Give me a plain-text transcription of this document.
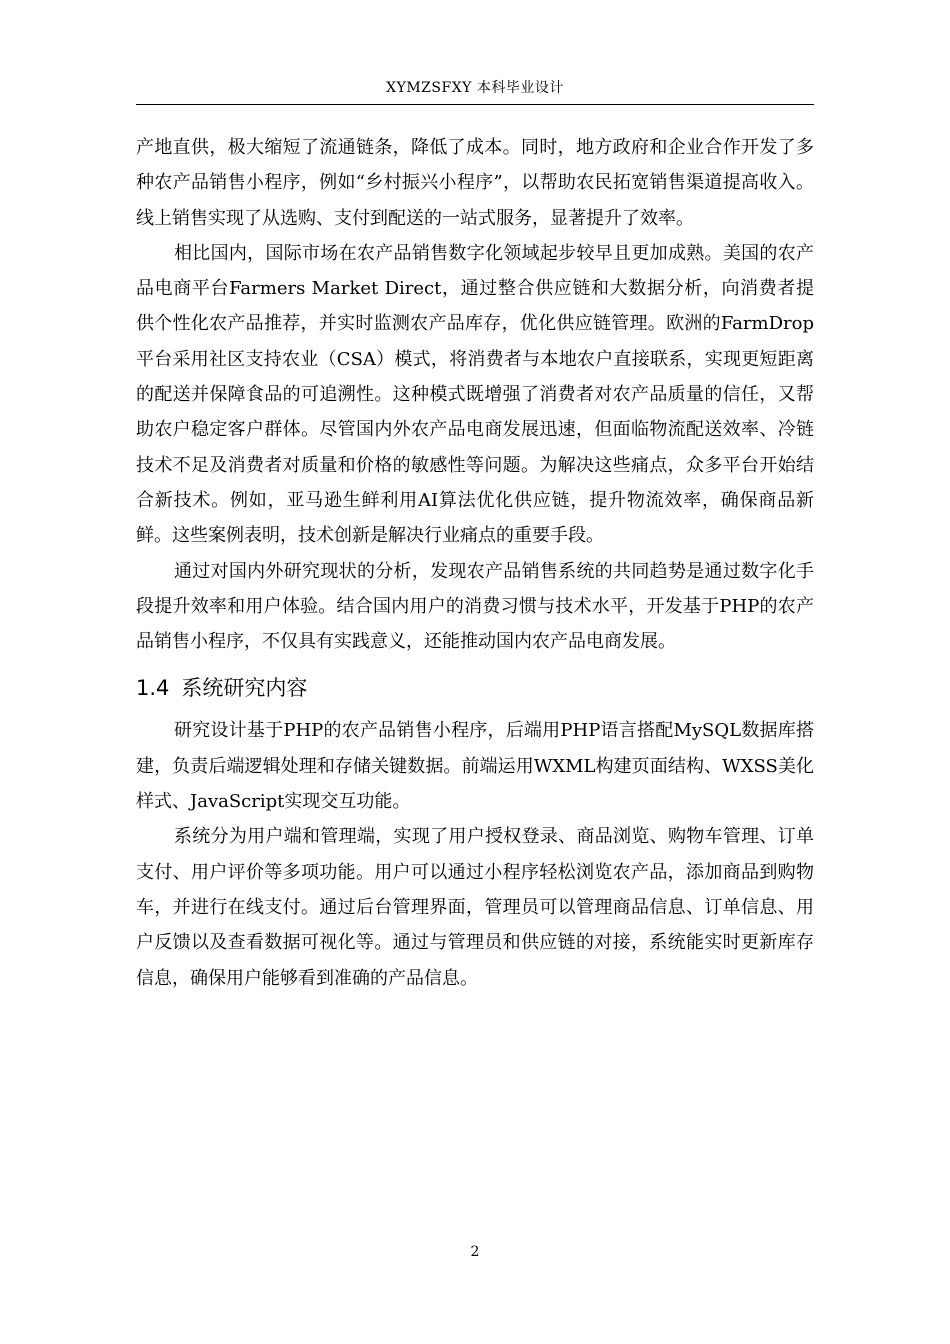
XYMZSFXY 本科毕业设计

产地直供，极大缩短了流通链条，降低了成本。同时，地方政府和企业合作开发了多种农产品销售小程序，例如“乡村振兴小程序”，以帮助农民拓宽销售渠道提高收入。线上销售实现了从选购、支付到配送的一站式服务，显著提升了效率。

相比国内，国际市场在农产品销售数字化领域起步较早且更加成熟。美国的农产品电商平台Farmers Market Direct，通过整合供应链和大数据分析，向消费者提供个性化农产品推荐，并实时监测农产品库存，优化供应链管理。欧洲的FarmDrop平台采用社区支持农业（CSA）模式，将消费者与本地农户直接联系，实现更短距离的配送并保障食品的可追溯性。这种模式既增强了消费者对农产品质量的信任，又帮助农户稳定客户群体。尽管国内外农产品电商发展迅速，但面临物流配送效率、冷链技术不足及消费者对质量和价格的敏感性等问题。为解决这些痛点，众多平台开始结合新技术。例如，亚马逊生鲜利用AI算法优化供应链，提升物流效率，确保商品新鲜。这些案例表明，技术创新是解决行业痛点的重要手段。

通过对国内外研究现状的分析，发现农产品销售系统的共同趋势是通过数字化手段提升效率和用户体验。结合国内用户的消费习惯与技术水平，开发基于PHP的农产品销售小程序，不仅具有实践意义，还能推动国内农产品电商发展。

1.4 系统研究内容

研究设计基于PHP的农产品销售小程序，后端用PHP语言搭配MySQL数据库搭建，负责后端逻辑处理和存储关键数据。前端运用WXML构建页面结构、WXSS美化样式、JavaScript实现交互功能。

系统分为用户端和管理端，实现了用户授权登录、商品浏览、购物车管理、订单支付、用户评价等多项功能。用户可以通过小程序轻松浏览农产品，添加商品到购物车，并进行在线支付。通过后台管理界面，管理员可以管理商品信息、订单信息、用户反馈以及查看数据可视化等。通过与管理员和供应链的对接，系统能实时更新库存信息，确保用户能够看到准确的产品信息。

2
